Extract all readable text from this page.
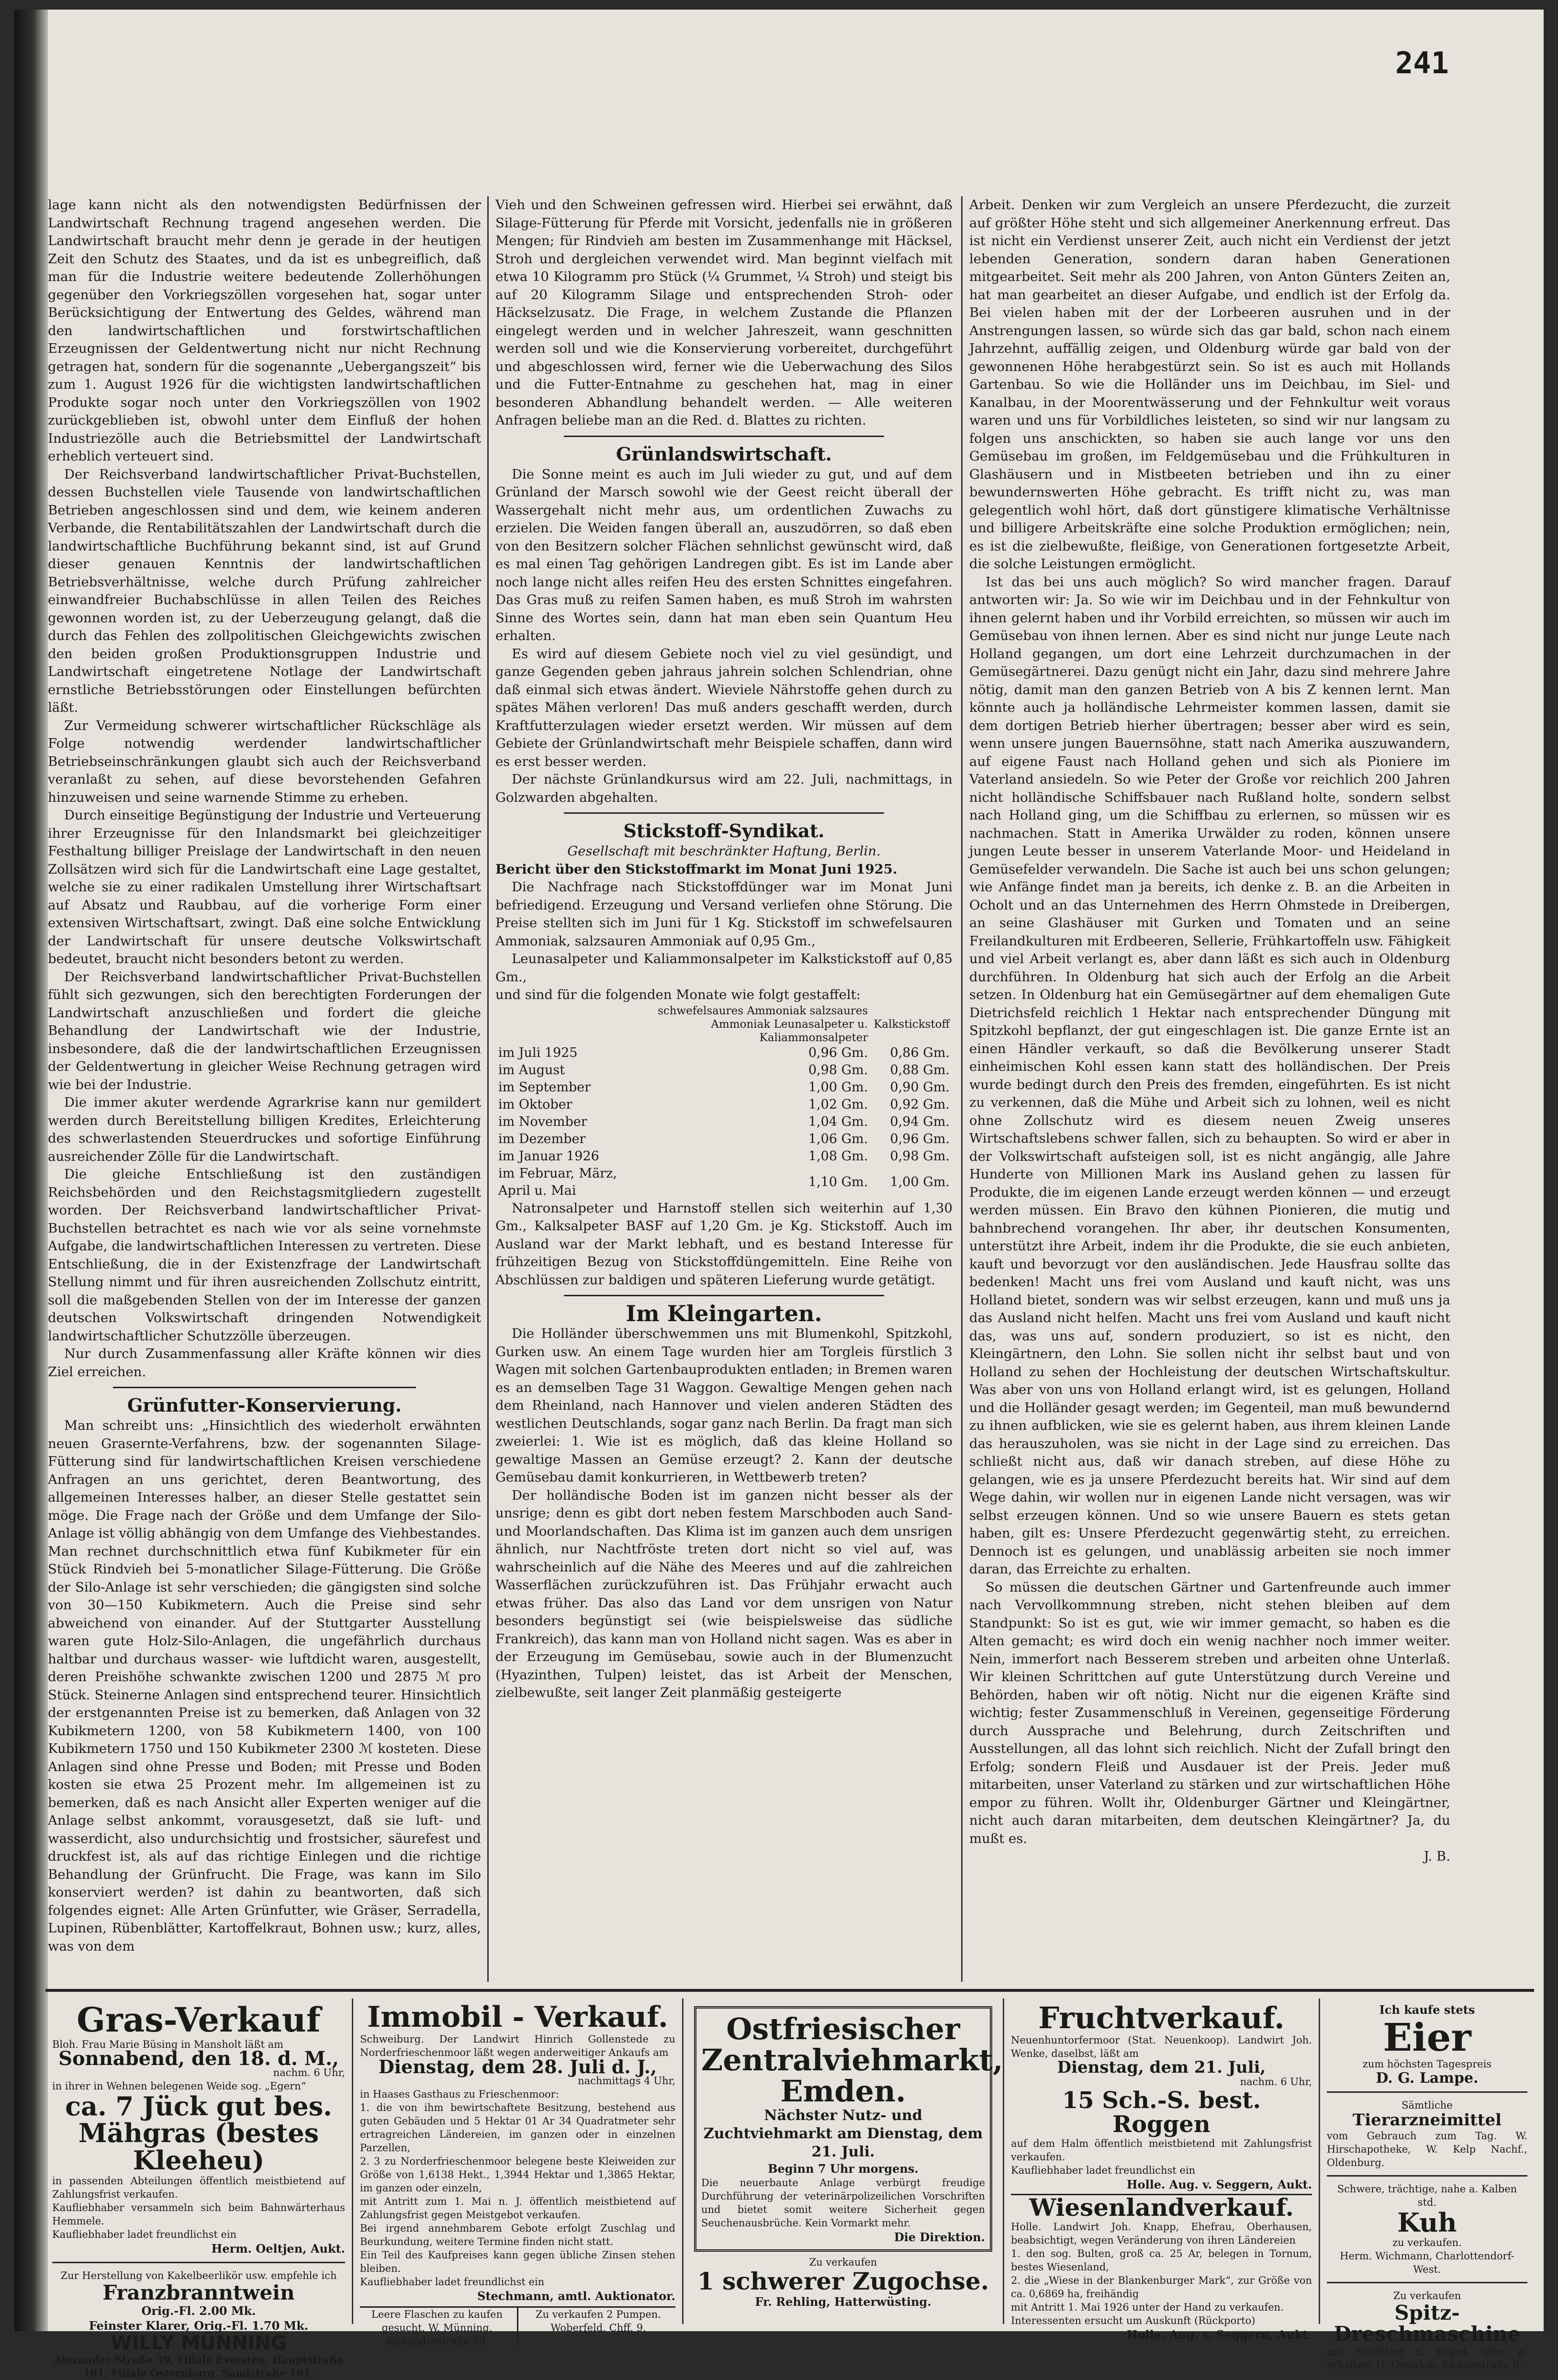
241

lage kann nicht als den notwendigsten Bedürfnissen der Landwirtschaft Rechnung tragend angesehen werden. Die Landwirtschaft braucht mehr denn je gerade in der heutigen Zeit den Schutz des Staates, und da ist es unbegreiflich, daß man für die Industrie weitere bedeutende Zollerhöhungen gegenüber den Vorkriegszöllen vorgesehen hat, sogar unter Berücksichtigung der Entwertung des Geldes, während man den landwirtschaftlichen und forstwirtschaftlichen Erzeugnissen der Geldentwertung nicht nur nicht Rechnung getragen hat, sondern für die sogenannte „Uebergangszeit“ bis zum 1. August 1926 für die wichtigsten landwirtschaftlichen Produkte sogar noch unter den Vorkriegszöllen von 1902 zurückgeblieben ist, obwohl unter dem Einfluß der hohen Industriezölle auch die Betriebsmittel der Landwirtschaft erheblich verteuert sind.

Der Reichsverband landwirtschaftlicher Privat-Buchstellen, dessen Buchstellen viele Tausende von landwirtschaftlichen Betrieben angeschlossen sind und dem, wie keinem anderen Verbande, die Rentabilitätszahlen der Landwirtschaft durch die landwirtschaftliche Buchführung bekannt sind, ist auf Grund dieser genauen Kenntnis der landwirtschaftlichen Betriebsverhältnisse, welche durch Prüfung zahlreicher einwandfreier Buchabschlüsse in allen Teilen des Reiches gewonnen worden ist, zu der Ueberzeugung gelangt, daß die durch das Fehlen des zollpolitischen Gleichgewichts zwischen den beiden großen Produktionsgruppen Industrie und Landwirtschaft eingetretene Notlage der Landwirtschaft ernstliche Betriebsstörungen oder Einstellungen befürchten läßt.

Zur Vermeidung schwerer wirtschaftlicher Rückschläge als Folge notwendig werdender landwirtschaftlicher Betriebseinschränkungen glaubt sich auch der Reichsverband veranlaßt zu sehen, auf diese bevorstehenden Gefahren hinzuweisen und seine warnende Stimme zu erheben.

Durch einseitige Begünstigung der Industrie und Verteuerung ihrer Erzeugnisse für den Inlandsmarkt bei gleichzeitiger Festhaltung billiger Preislage der Landwirtschaft in den neuen Zollsätzen wird sich für die Landwirtschaft eine Lage gestaltet, welche sie zu einer radikalen Umstellung ihrer Wirtschaftsart auf Absatz und Raubbau, auf die vorherige Form einer extensiven Wirtschaftsart, zwingt. Daß eine solche Entwicklung der Landwirtschaft für unsere deutsche Volkswirtschaft bedeutet, braucht nicht besonders betont zu werden.

Der Reichsverband landwirtschaftlicher Privat-Buchstellen fühlt sich gezwungen, sich den berechtigten Forderungen der Landwirtschaft anzuschließen und fordert die gleiche Behandlung der Landwirtschaft wie der Industrie, insbesondere, daß die der landwirtschaftlichen Erzeugnissen der Geldentwertung in gleicher Weise Rechnung getragen wird wie bei der Industrie.

Die immer akuter werdende Agrarkrise kann nur gemildert werden durch Bereitstellung billigen Kredites, Erleichterung des schwerlastenden Steuerdruckes und sofortige Einführung ausreichender Zölle für die Landwirtschaft.

Die gleiche Entschließung ist den zuständigen Reichsbehörden und den Reichstagsmitgliedern zugestellt worden. Der Reichsverband landwirtschaftlicher Privat-Buchstellen betrachtet es nach wie vor als seine vornehmste Aufgabe, die landwirtschaftlichen Interessen zu vertreten. Diese Entschließung, die in der Existenzfrage der Landwirtschaft Stellung nimmt und für ihren ausreichenden Zollschutz eintritt, soll die maßgebenden Stellen von der im Interesse der ganzen deutschen Volkswirtschaft dringenden Notwendigkeit landwirtschaftlicher Schutzzölle überzeugen.

Nur durch Zusammenfassung aller Kräfte können wir dies Ziel erreichen.

Grünfutter-Konservierung.

Man schreibt uns: „Hinsichtlich des wiederholt erwähnten neuen Grasernte-Verfahrens, bzw. der sogenannten Silage-Fütterung sind für landwirtschaftlichen Kreisen verschiedene Anfragen an uns gerichtet, deren Beantwortung, des allgemeinen Interesses halber, an dieser Stelle gestattet sein möge. Die Frage nach der Größe und dem Umfange der Silo-Anlage ist völlig abhängig von dem Umfange des Viehbestandes. Man rechnet durchschnittlich etwa fünf Kubikmeter für ein Stück Rindvieh bei 5-monatlicher Silage-Fütterung. Die Größe der Silo-Anlage ist sehr verschieden; die gängigsten sind solche von 30—150 Kubikmetern. Auch die Preise sind sehr abweichend von einander. Auf der Stuttgarter Ausstellung waren gute Holz-Silo-Anlagen, die ungefährlich durchaus haltbar und durchaus wasser- wie luftdicht waren, ausgestellt, deren Preishöhe schwankte zwischen 1200 und 2875 ℳ pro Stück. Steinerne Anlagen sind entsprechend teurer. Hinsichtlich der erstgenannten Preise ist zu bemerken, daß Anlagen von 32 Kubikmetern 1200, von 58 Kubikmetern 1400, von 100 Kubikmetern 1750 und 150 Kubikmeter 2300 ℳ kosteten. Diese Anlagen sind ohne Presse und Boden; mit Presse und Boden kosten sie etwa 25 Prozent mehr. Im allgemeinen ist zu bemerken, daß es nach Ansicht aller Experten weniger auf die Anlage selbst ankommt, vorausgesetzt, daß sie luft- und wasserdicht, also undurchsichtig und frostsicher, säurefest und druckfest ist, als auf das richtige Einlegen und die richtige Behandlung der Grünfrucht. Die Frage, was kann im Silo konserviert werden? ist dahin zu beantworten, daß sich folgendes eignet: Alle Arten Grünfutter, wie Gräser, Serradella, Lupinen, Rübenblätter, Kartoffelkraut, Bohnen usw.; kurz, alles, was von dem

Vieh und den Schweinen gefressen wird. Hierbei sei erwähnt, daß Silage-Fütterung für Pferde mit Vorsicht, jedenfalls nie in größeren Mengen; für Rindvieh am besten im Zusammenhange mit Häcksel, Stroh und dergleichen verwendet wird. Man beginnt vielfach mit etwa 10 Kilogramm pro Stück (¼ Grummet, ¼ Stroh) und steigt bis auf 20 Kilogramm Silage und entsprechenden Stroh- oder Häckselzusatz. Die Frage, in welchem Zustande die Pflanzen eingelegt werden und in welcher Jahreszeit, wann geschnitten werden soll und wie die Konservierung vorbereitet, durchgeführt und abgeschlossen wird, ferner wie die Ueberwachung des Silos und die Futter-Entnahme zu geschehen hat, mag in einer besonderen Abhandlung behandelt werden. — Alle weiteren Anfragen beliebe man an die Red. d. Blattes zu richten.

Grünlandswirtschaft.

Die Sonne meint es auch im Juli wieder zu gut, und auf dem Grünland der Marsch sowohl wie der Geest reicht überall der Wassergehalt nicht mehr aus, um ordentlichen Zuwachs zu erzielen. Die Weiden fangen überall an, auszudörren, so daß eben von den Besitzern solcher Flächen sehnlichst gewünscht wird, daß es mal einen Tag gehörigen Landregen gibt. Es ist im Lande aber noch lange nicht alles reifen Heu des ersten Schnittes eingefahren. Das Gras muß zu reifen Samen haben, es muß Stroh im wahrsten Sinne des Wortes sein, dann hat man eben sein Quantum Heu erhalten.

Es wird auf diesem Gebiete noch viel zu viel gesündigt, und ganze Gegenden geben jahraus jahrein solchen Schlendrian, ohne daß einmal sich etwas ändert. Wieviele Nährstoffe gehen durch zu spätes Mähen verloren! Das muß anders geschafft werden, durch Kraftfutterzulagen wieder ersetzt werden. Wir müssen auf dem Gebiete der Grünlandwirtschaft mehr Beispiele schaffen, dann wird es erst besser werden.

Der nächste Grünlandkursus wird am 22. Juli, nachmittags, in Golzwarden abgehalten.

Stickstoff-Syndikat.

Gesellschaft mit beschränkter Haftung, Berlin.

Bericht über den Stickstoffmarkt im Monat Juni 1925.

Die Nachfrage nach Stickstoffdünger war im Monat Juni befriedigend. Erzeugung und Versand verliefen ohne Störung. Die Preise stellten sich im Juni für 1 Kg. Stickstoff im schwefelsauren Ammoniak, salzsauren Ammoniak auf 0,95 Gm.,

Leunasalpeter und Kaliammonsalpeter im Kalkstickstoff auf 0,85 Gm.,

und sind für die folgenden Monate wie folgt gestaffelt:

	schwefelsaures Ammoniak salzsaures Ammoniak Leunasalpeter u. Kaliammonsalpeter	Kalkstickstoff
im Juli 1925	0,96 Gm.	0,86 Gm.
im August	0,98 Gm.	0,88 Gm.
im September	1,00 Gm.	0,90 Gm.
im Oktober	1,02 Gm.	0,92 Gm.
im November	1,04 Gm.	0,94 Gm.
im Dezember	1,06 Gm.	0,96 Gm.
im Januar 1926	1,08 Gm.	0,98 Gm.
im Februar, März, April u. Mai	1,10 Gm.	1,00 Gm.

Natronsalpeter und Harnstoff stellen sich weiterhin auf 1,30 Gm., Kalksalpeter BASF auf 1,20 Gm. je Kg. Stickstoff. Auch im Ausland war der Markt lebhaft, und es bestand Interesse für frühzeitigen Bezug von Stickstoffdüngemitteln. Eine Reihe von Abschlüssen zur baldigen und späteren Lieferung wurde getätigt.

Im Kleingarten.

Die Holländer überschwemmen uns mit Blumenkohl, Spitzkohl, Gurken usw. An einem Tage wurden hier am Torgleis fürstlich 3 Wagen mit solchen Gartenbauprodukten entladen; in Bremen waren es an demselben Tage 31 Waggon. Gewaltige Mengen gehen nach dem Rheinland, nach Hannover und vielen anderen Städten des westlichen Deutschlands, sogar ganz nach Berlin. Da fragt man sich zweierlei: 1. Wie ist es möglich, daß das kleine Holland so gewaltige Massen an Gemüse erzeugt? 2. Kann der deutsche Gemüsebau damit konkurrieren, in Wettbewerb treten?

Der holländische Boden ist im ganzen nicht besser als der unsrige; denn es gibt dort neben festem Marschboden auch Sand- und Moorlandschaften. Das Klima ist im ganzen auch dem unsrigen ähnlich, nur Nachtfröste treten dort nicht so viel auf, was wahrscheinlich auf die Nähe des Meeres und auf die zahlreichen Wasserflächen zurückzuführen ist. Das Frühjahr erwacht auch etwas früher. Das also das Land vor dem unsrigen von Natur besonders begünstigt sei (wie beispielsweise das südliche Frankreich), das kann man von Holland nicht sagen. Was es aber in der Erzeugung im Gemüsebau, sowie auch in der Blumenzucht (Hyazinthen, Tulpen) leistet, das ist Arbeit der Menschen, zielbewußte, seit langer Zeit planmäßig gesteigerte

Arbeit. Denken wir zum Vergleich an unsere Pferdezucht, die zurzeit auf größter Höhe steht und sich allgemeiner Anerkennung erfreut. Das ist nicht ein Verdienst unserer Zeit, auch nicht ein Verdienst der jetzt lebenden Generation, sondern daran haben Generationen mitgearbeitet. Seit mehr als 200 Jahren, von Anton Günters Zeiten an, hat man gearbeitet an dieser Aufgabe, und endlich ist der Erfolg da. Bei vielen haben mit der der Lorbeeren ausruhen und in der Anstrengungen lassen, so würde sich das gar bald, schon nach einem Jahrzehnt, auffällig zeigen, und Oldenburg würde gar bald von der gewonnenen Höhe herabgestürzt sein. So ist es auch mit Hollands Gartenbau. So wie die Holländer uns im Deichbau, im Siel- und Kanalbau, in der Moorentwässerung und der Fehnkultur weit voraus waren und uns für Vorbildliches leisteten, so sind wir nur langsam zu folgen uns anschickten, so haben sie auch lange vor uns den Gemüsebau im großen, im Feldgemüsebau und die Frühkulturen in Glashäusern und in Mistbeeten betrieben und ihn zu einer bewundernswerten Höhe gebracht. Es trifft nicht zu, was man gelegentlich wohl hört, daß dort günstigere klimatische Verhältnisse und billigere Arbeitskräfte eine solche Produktion ermöglichen; nein, es ist die zielbewußte, fleißige, von Generationen fortgesetzte Arbeit, die solche Leistungen ermöglicht.

Ist das bei uns auch möglich? So wird mancher fragen. Darauf antworten wir: Ja. So wie wir im Deichbau und in der Fehnkultur von ihnen gelernt haben und ihr Vorbild erreichten, so müssen wir auch im Gemüsebau von ihnen lernen. Aber es sind nicht nur junge Leute nach Holland gegangen, um dort eine Lehrzeit durchzumachen in der Gemüsegärtnerei. Dazu genügt nicht ein Jahr, dazu sind mehrere Jahre nötig, damit man den ganzen Betrieb von A bis Z kennen lernt. Man könnte auch ja holländische Lehrmeister kommen lassen, damit sie dem dortigen Betrieb hierher übertragen; besser aber wird es sein, wenn unsere jungen Bauernsöhne, statt nach Amerika auszuwandern, auf eigene Faust nach Holland gehen und sich als Pioniere im Vaterland ansiedeln. So wie Peter der Große vor reichlich 200 Jahren nicht holländische Schiffsbauer nach Rußland holte, sondern selbst nach Holland ging, um die Schiffbau zu erlernen, so müssen wir es nachmachen. Statt in Amerika Urwälder zu roden, können unsere jungen Leute besser in unserem Vaterlande Moor- und Heideland in Gemüsefelder verwandeln. Die Sache ist auch bei uns schon gelungen; wie Anfänge findet man ja bereits, ich denke z. B. an die Arbeiten in Ocholt und an das Unternehmen des Herrn Ohmstede in Dreibergen, an seine Glashäuser mit Gurken und Tomaten und an seine Freilandkulturen mit Erdbeeren, Sellerie, Frühkartoffeln usw. Fähigkeit und viel Arbeit verlangt es, aber dann läßt es sich auch in Oldenburg durchführen. In Oldenburg hat sich auch der Erfolg an die Arbeit setzen. In Oldenburg hat ein Gemüsegärtner auf dem ehemaligen Gute Dietrichsfeld reichlich 1 Hektar nach entsprechender Düngung mit Spitzkohl bepflanzt, der gut eingeschlagen ist. Die ganze Ernte ist an einen Händler verkauft, so daß die Bevölkerung unserer Stadt einheimischen Kohl essen kann statt des holländischen. Der Preis wurde bedingt durch den Preis des fremden, eingeführten. Es ist nicht zu verkennen, daß die Mühe und Arbeit sich zu lohnen, weil es nicht ohne Zollschutz wird es diesem neuen Zweig unseres Wirtschaftslebens schwer fallen, sich zu behaupten. So wird er aber in der Volkswirtschaft aufsteigen soll, ist es nicht angängig, alle Jahre Hunderte von Millionen Mark ins Ausland gehen zu lassen für Produkte, die im eigenen Lande erzeugt werden können — und erzeugt werden müssen. Ein Bravo den kühnen Pionieren, die mutig und bahnbrechend vorangehen. Ihr aber, ihr deutschen Konsumenten, unterstützt ihre Arbeit, indem ihr die Produkte, die sie euch anbieten, kauft und bevorzugt vor den ausländischen. Jede Hausfrau sollte das bedenken! Macht uns frei vom Ausland und kauft nicht, was uns Holland bietet, sondern was wir selbst erzeugen, kann und muß uns ja das Ausland nicht helfen. Macht uns frei vom Ausland und kauft nicht das, was uns auf, sondern produziert, so ist es nicht, den Kleingärtnern, den Lohn. Sie sollen nicht ihr selbst baut und von Holland zu sehen der Hochleistung der deutschen Wirtschaftskultur. Was aber von uns von Holland erlangt wird, ist es gelungen, Holland und die Holländer gesagt werden; im Gegenteil, man muß bewundernd zu ihnen aufblicken, wie sie es gelernt haben, aus ihrem kleinen Lande das herauszuholen, was sie nicht in der Lage sind zu erreichen. Das schließt nicht aus, daß wir danach streben, auf diese Höhe zu gelangen, wie es ja unsere Pferdezucht bereits hat. Wir sind auf dem Wege dahin, wir wollen nur in eigenen Lande nicht versagen, was wir selbst erzeugen können. Und so wie unsere Bauern es stets getan haben, gilt es: Unsere Pferdezucht gegenwärtig steht, zu erreichen. Dennoch ist es gelungen, und unablässig arbeiten sie noch immer daran, das Erreichte zu erhalten.

So müssen die deutschen Gärtner und Gartenfreunde auch immer nach Vervollkommnung streben, nicht stehen bleiben auf dem Standpunkt: So ist es gut, wie wir immer gemacht, so haben es die Alten gemacht; es wird doch ein wenig nachher noch immer weiter. Nein, immerfort nach Besserem streben und arbeiten ohne Unterlaß. Wir kleinen Schrittchen auf gute Unterstützung durch Vereine und Behörden, haben wir oft nötig. Nicht nur die eigenen Kräfte sind wichtig; fester Zusammenschluß in Vereinen, gegenseitige Förderung durch Aussprache und Belehrung, durch Zeitschriften und Ausstellungen, all das lohnt sich reichlich. Nicht der Zufall bringt den Erfolg; sondern Fleiß und Ausdauer ist der Preis. Jeder muß mitarbeiten, unser Vaterland zu stärken und zur wirtschaftlichen Höhe empor zu führen. Wollt ihr, Oldenburger Gärtner und Kleingärtner, nicht auch daran mitarbeiten, dem deutschen Kleingärtner? Ja, du mußt es.

J. B.

Gras-Verkauf
Bloh. Frau Marie Büsing in Mansholt läßt am
Sonnabend, den 18. d. M.,
nachm. 6 Uhr,
in ihrer in Wehnen belegenen Weide sog. „Egern“
ca. 7 Jück gut bes. Mähgras (bestes Kleeheu)
in passenden Abteilungen öffentlich meistbietend auf Zahlungsfrist verkaufen.
Kaufliebhaber versammeln sich beim Bahnwärterhaus Hemmele.
Kaufliebhaber ladet freundlichst ein
Herm. Oeltjen, Aukt.
Zur Herstellung von Kakelbeerlikör usw. empfehle ich
Franzbranntwein
Orig.-Fl. 2.00 Mk.
Feinster Klarer, Orig.-Fl. 1.70 Mk.
WILLY MÜNNING
Alexander-Straße 39, Filiale Eversten, Hauptstraße 101, Filiale Osternburg, Sandstraße 101.
Immobil - Verkauf.
Schweiburg. Der Landwirt Hinrich Gollenstede zu Norderfrieschenmoor läßt wegen anderweitiger Ankaufs am
Dienstag, dem 28. Juli d. J.,
nachmittags 4 Uhr,
in Haases Gasthaus zu Frieschenmoor:
1. die von ihm bewirtschaftete Besitzung, bestehend aus guten Gebäuden und 5 Hektar 01 Ar 34 Quadratmeter sehr ertragreichen Ländereien, im ganzen oder in einzelnen Parzellen,
2. 3 zu Norderfrieschenmoor belegene beste Kleiweiden zur Größe von 1,6138 Hekt., 1,3944 Hektar und 1,3865 Hektar, im ganzen oder einzeln,
mit Antritt zum 1. Mai n. J. öffentlich meistbietend auf Zahlungsfrist gegen Meistgebot verkaufen.
Bei irgend annehmbarem Gebote erfolgt Zuschlag und Beurkundung, weitere Termine finden nicht statt.
Ein Teil des Kaufpreises kann gegen übliche Zinsen stehen bleiben.
Kaufliebhaber ladet freundlichst ein
Stechmann, amtl. Auktionator.
Leere Flaschen zu kaufen gesucht. W. Münning, Alexanderstraße 39.
Zu verkaufen 2 Pumpen. Woberfeld, Chff. 9.
Ostfriesischer Zentralviehmarkt, Emden.
Nächster Nutz- und Zuchtviehmarkt am Dienstag, dem 21. Juli.
Beginn 7 Uhr morgens.
Die neuerbaute Anlage verbürgt freudige Durchführung der veterinärpolizeilichen Vorschriften und bietet somit weitere Sicherheit gegen Seuchenausbrüche. Kein Vormarkt mehr.
Die Direktion.
Zu verkaufen
1 schwerer Zugochse.
Fr. Rehling, Hatterwüsting.
Fruchtverkauf.
Neuenhuntorfermoor (Stat. Neuenkoop). Landwirt Joh. Wenke, daselbst, läßt am
Dienstag, dem 21. Juli,
nachm. 6 Uhr,
15 Sch.-S. best. Roggen
auf dem Halm öffentlich meistbietend mit Zahlungsfrist verkaufen.
Kaufliebhaber ladet freundlichst ein
Holle. Aug. v. Seggern, Aukt.
Wiesenlandverkauf.
Holle. Landwirt Joh. Knapp, Ehefrau, Oberhausen, beabsichtigt, wegen Veränderung von ihren Ländereien
1. den sog. Bulten, groß ca. 25 Ar, belegen in Tornum, bestes Wiesenland,
2. die „Wiese in der Blankenburger Mark“, zur Größe von ca. 0,6869 ha, freihändig
mit Antritt 1. Mai 1926 unter der Hand zu verkaufen.
Interessenten ersucht um Auskunft (Rückporto)
Holle. Aug. v. Seggern, Aukt.
Ich kaufe stets
Eier
zum höchsten Tagespreis
D. G. Lampe.
Sämtliche
Tierarzneimittel
vom Gebrauch zum Tag. W. Hirschapotheke, W. Kelp Nachf., Oldenburg.
Schwere, trächtige, nahe a. Kalben std.
Kuh
zu verkaufen.
Herm. Wichmann, Charlottendorf-West.
Zu verkaufen
Spitz-Dreschmaschine
mit Schüttler u. Göpel, alles g. erhalten. H. Osterloh, Eichenstraße 9.
